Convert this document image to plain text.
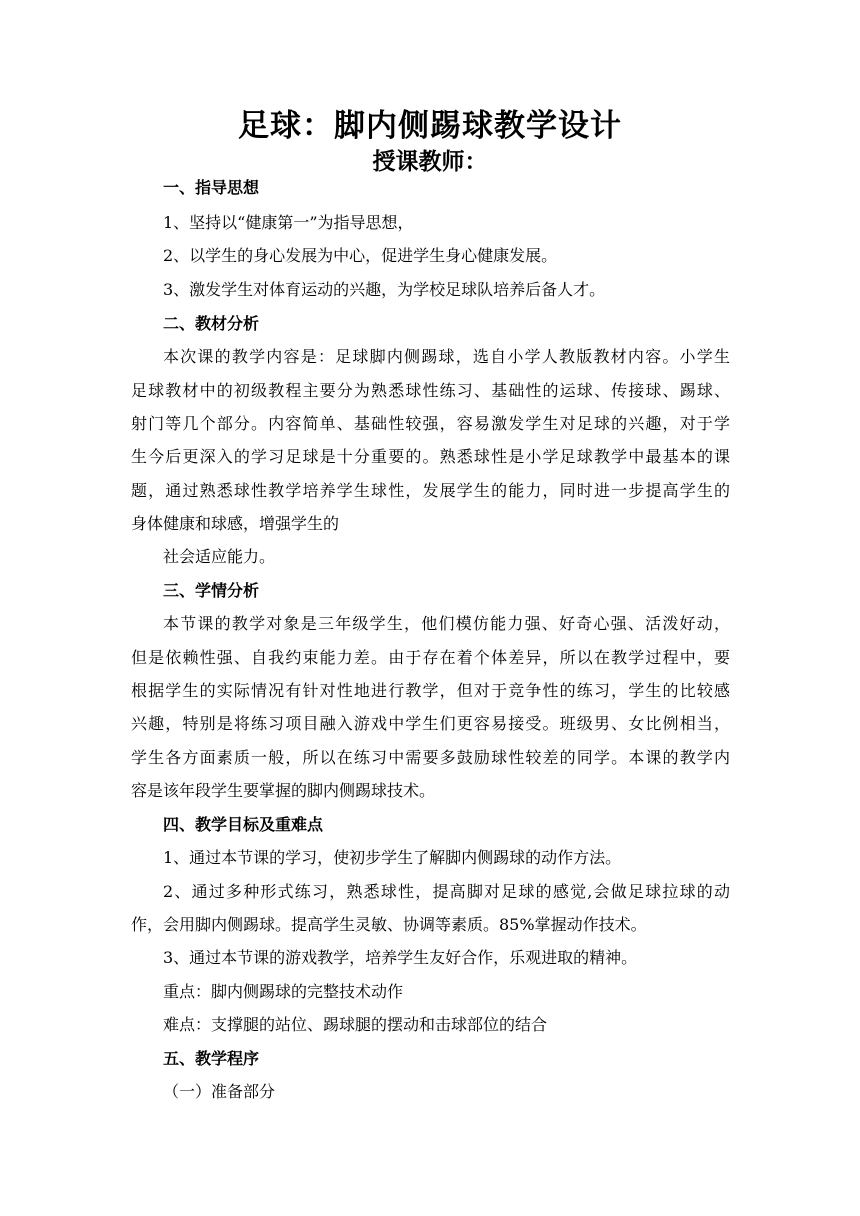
足球：脚内侧踢球教学设计
授课教师：
一、指导思想
1、坚持以“健康第一”为指导思想，
2、以学生的身心发展为中心，促进学生身心健康发展。
3、激发学生对体育运动的兴趣，为学校足球队培养后备人才。
二、教材分析
本次课的教学内容是：足球脚内侧踢球，选自小学人教版教材内容。小学生
足球教材中的初级教程主要分为熟悉球性练习、基础性的运球、传接球、踢球、
射门等几个部分。内容简单、基础性较强，容易激发学生对足球的兴趣，对于学
生今后更深入的学习足球是十分重要的。熟悉球性是小学足球教学中最基本的课
题，通过熟悉球性教学培养学生球性，发展学生的能力，同时进一步提高学生的
身体健康和球感，增强学生的
社会适应能力。
三、学情分析
本节课的教学对象是三年级学生，他们模仿能力强、好奇心强、活泼好动，
但是依赖性强、自我约束能力差。由于存在着个体差异，所以在教学过程中，要
根据学生的实际情况有针对性地进行教学，但对于竞争性的练习，学生的比较感
兴趣，特别是将练习项目融入游戏中学生们更容易接受。班级男、女比例相当，
学生各方面素质一般，所以在练习中需要多鼓励球性较差的同学。本课的教学内
容是该年段学生要掌握的脚内侧踢球技术。
四、教学目标及重难点
1、通过本节课的学习，使初步学生了解脚内侧踢球的动作方法。
2、通过多种形式练习，熟悉球性，提高脚对足球的感觉,会做足球拉球的动
作，会用脚内侧踢球。提高学生灵敏、协调等素质。85%掌握动作技术。
3、通过本节课的游戏教学，培养学生友好合作，乐观进取的精神。
重点：脚内侧踢球的完整技术动作
难点：支撑腿的站位、踢球腿的摆动和击球部位的结合
五、教学程序
（一）准备部分
